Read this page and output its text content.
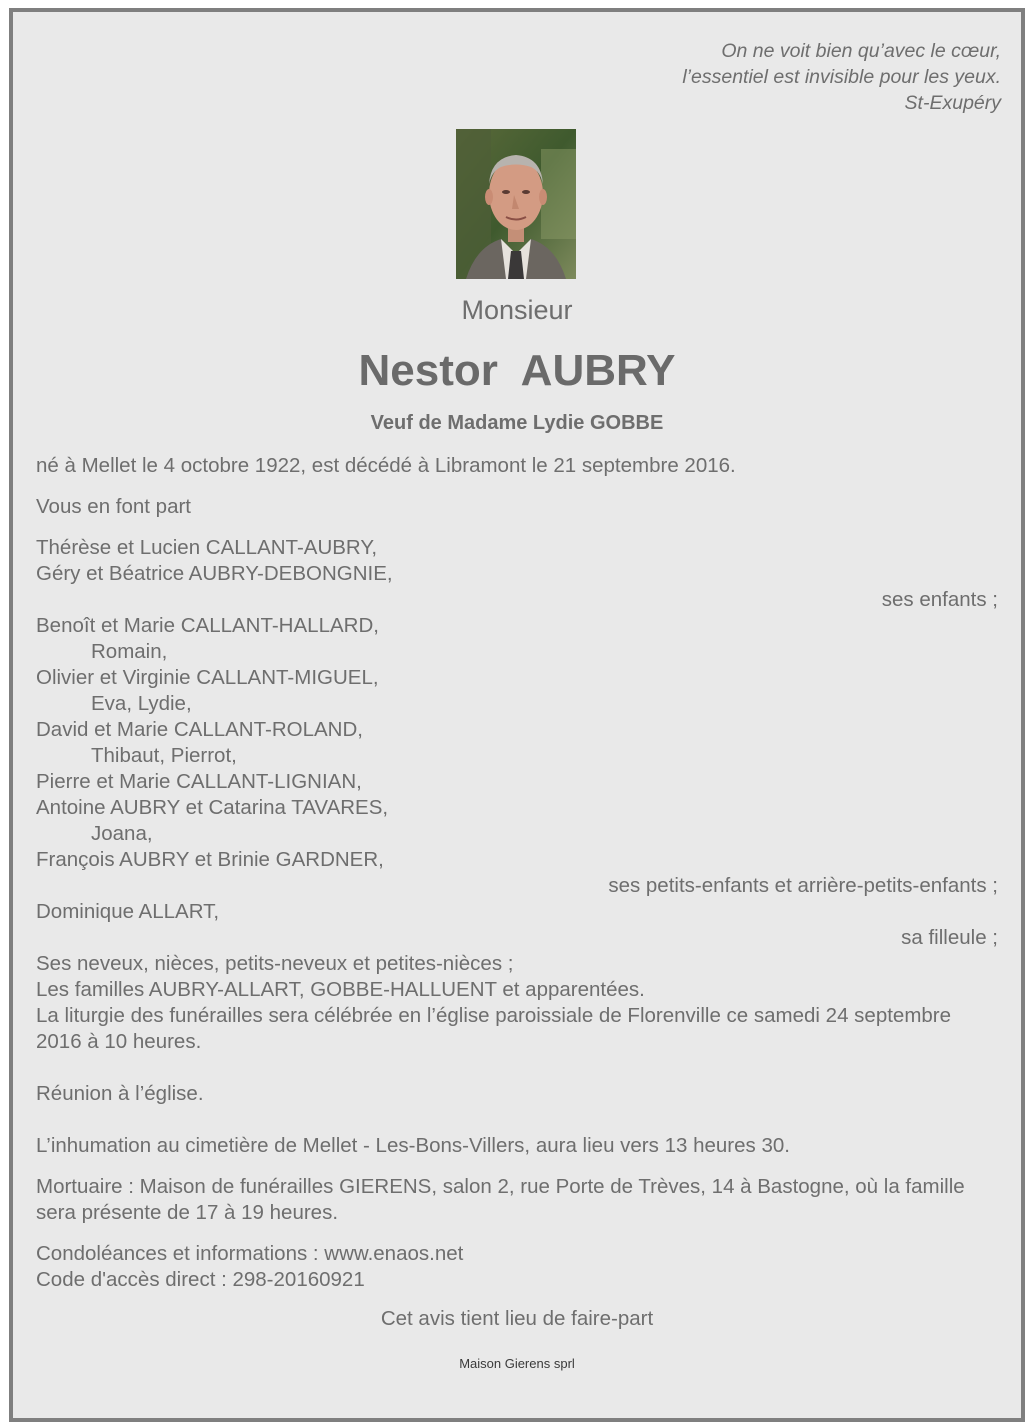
On ne voit bien qu’avec le cœur,
l’essentiel est invisible pour les yeux.
St-Exupéry
Monsieur
Nestor  AUBRY
Veuf de Madame Lydie GOBBE
né à Mellet le 4 octobre 1922, est décédé à Libramont le 21 septembre 2016.
Vous en font part
Thérèse et Lucien CALLANT-AUBRY,
Géry et Béatrice AUBRY-DEBONGNIE,
ses enfants ;
Benoît et Marie CALLANT-HALLARD,
Romain,
Olivier et Virginie CALLANT-MIGUEL,
Eva, Lydie,
David et Marie CALLANT-ROLAND,
Thibaut, Pierrot,
Pierre et Marie CALLANT-LIGNIAN,
Antoine AUBRY et Catarina TAVARES,
Joana,
François AUBRY et Brinie GARDNER,
ses petits-enfants et arrière-petits-enfants ;
Dominique ALLART,
sa filleule ;
Ses neveux, nièces, petits-neveux et petites-nièces ;
Les familles AUBRY-ALLART, GOBBE-HALLUENT et apparentées.
La liturgie des funérailles sera célébrée en l’église paroissiale de Florenville ce samedi 24 septembre 2016 à 10 heures.
Réunion à l’église.
L’inhumation au cimetière de Mellet - Les-Bons-Villers, aura lieu vers 13 heures 30.
Mortuaire : Maison de funérailles GIERENS, salon 2, rue Porte de Trèves, 14 à Bastogne, où la famille sera présente de 17 à 19 heures.
Condoléances et informations : www.enaos.net
Code d'accès direct : 298-20160921
Cet avis tient lieu de faire-part
Maison Gierens sprl
